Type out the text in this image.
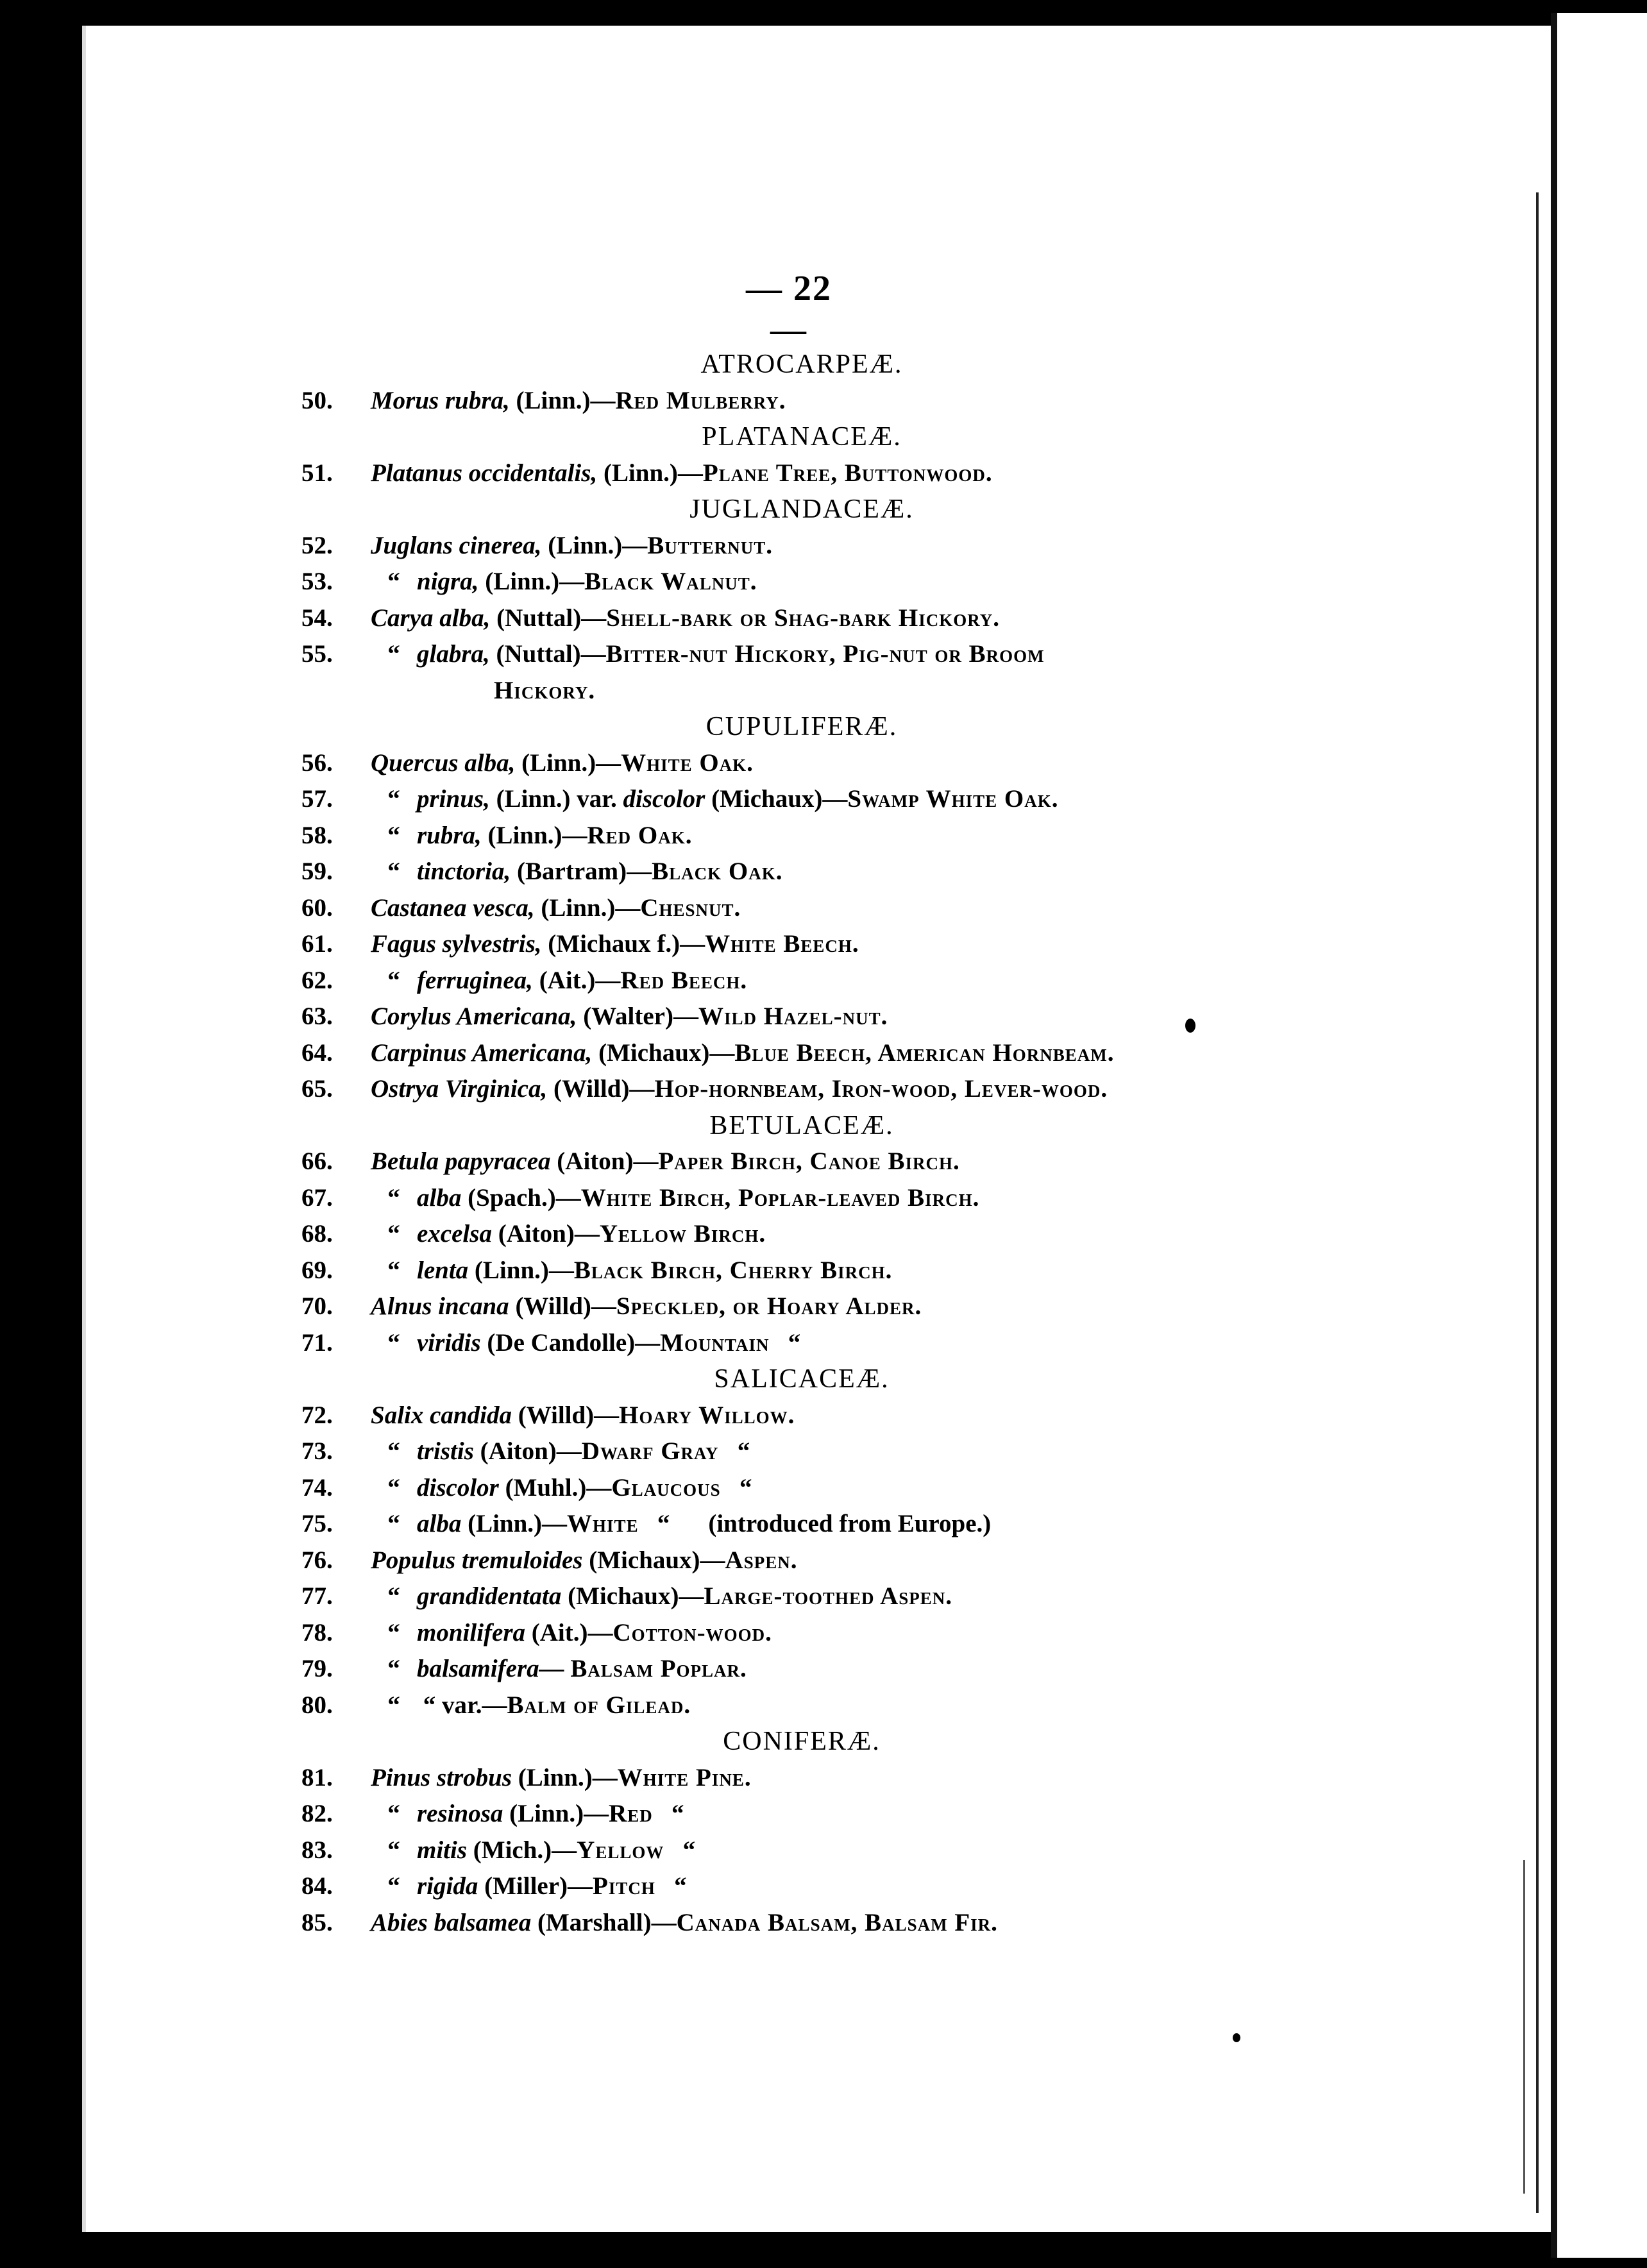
— 22 —
ATROCARPEÆ.
50. Morus rubra, (Linn.)—Red Mulberry.
PLATANACEÆ.
51. Platanus occidentalis, (Linn.)—Plane Tree, Buttonwood.
JUGLANDACEÆ.
52. Juglans cinerea, (Linn.)—Butternut.
53. “ nigra, (Linn.)—Black Walnut.
54. Carya alba, (Nuttal)—Shell-bark or Shag-bark Hickory.
55. “ glabra, (Nuttal)—Bitter-nut Hickory, Pig-nut or Broom
Hickory.
CUPULIFERÆ.
56. Quercus alba, (Linn.)—White Oak.
57. “ prinus, (Linn.) var. discolor (Michaux)—Swamp White Oak.
58. “ rubra, (Linn.)—Red Oak.
59. “ tinctoria, (Bartram)—Black Oak.
60. Castanea vesca, (Linn.)—Chesnut.
61. Fagus sylvestris, (Michaux f.)—White Beech.
62. “ ferruginea, (Ait.)—Red Beech.
63. Corylus Americana, (Walter)—Wild Hazel-nut.
64. Carpinus Americana, (Michaux)—Blue Beech, American Hornbeam.
65. Ostrya Virginica, (Willd)—Hop-hornbeam, Iron-wood, Lever-wood.
BETULACEÆ.
66. Betula papyracea (Aiton)—Paper Birch, Canoe Birch.
67. “ alba (Spach.)—White Birch, Poplar-leaved Birch.
68. “ excelsa (Aiton)—Yellow Birch.
69. “ lenta (Linn.)—Black Birch, Cherry Birch.
70. Alnus incana (Willd)—Speckled, or Hoary Alder.
71. “ viridis (De Candolle)—Mountain “
SALICACEÆ.
72. Salix candida (Willd)—Hoary Willow.
73. “ tristis (Aiton)—Dwarf Gray “
74. “ discolor (Muhl.)—Glaucous “
75. “ alba (Linn.)—White “ (introduced from Europe.)
76. Populus tremuloides (Michaux)—Aspen.
77. “ grandidentata (Michaux)—Large-toothed Aspen.
78. “ monilifera (Ait.)—Cotton-wood.
79. “ balsamifera— Balsam Poplar.
80. “ “ var.—Balm of Gilead.
CONIFERÆ.
81. Pinus strobus (Linn.)—White Pine.
82. “ resinosa (Linn.)—Red “
83. “ mitis (Mich.)—Yellow “
84. “ rigida (Miller)—Pitch “
85. Abies balsamea (Marshall)—Canada Balsam, Balsam Fir.
